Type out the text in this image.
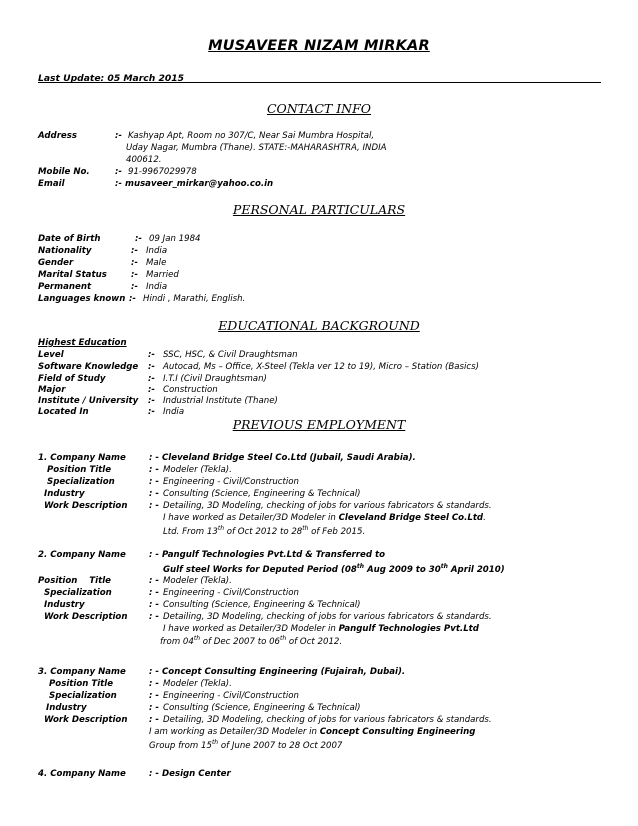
MUSAVEER NIZAM MIRKAR
Last Update: 05 March 2015
CONTACT INFO
Address	:- Kashyap Apt, Room no 307/C, Near Sai Mumbra Hospital,
Uday Nagar, Mumbra (Thane). STATE:-MAHARASHTRA, INDIA
400612.
Mobile No.	:- 91-9967029978
Email	:- musaveer_mirkar@yahoo.co.in
PERSONAL PARTICULARS
Date of Birth	:- 09 Jan 1984
Nationality	:- India
Gender	:- Male
Marital Status	:- Married
Permanent	:- India
Languages known :- Hindi , Marathi, English.
EDUCATIONAL BACKGROUND
Highest Education
Level	:- SSC, HSC, & Civil Draughtsman
Software Knowledge :- Autocad, Ms – Office, X-Steel (Tekla ver 12 to 19), Micro – Station (Basics)
Field of Study	:- I.T.I (Civil Draughtsman)
Major	:- Construction
Institute / University :- Industrial Institute (Thane)
Located In	:- India
PREVIOUS EMPLOYMENT
1. Company Name	: - Cleveland Bridge Steel Co.Ltd (Jubail, Saudi Arabia).
Position Title	: - Modeler (Tekla).
Specialization	: - Engineering - Civil/Construction
Industry	: - Consulting (Science, Engineering & Technical)
Work Description	: - Detailing, 3D Modeling, checking of jobs for various fabricators & standards.
I have worked as Detailer/3D Modeler in Cleveland Bridge Steel Co.Ltd.
Ltd. From 13th of Oct 2012 to 28th of Feb 2015.
2. Company Name	: - Pangulf Technologies Pvt.Ltd & Transferred to
Gulf steel Works for Deputed Period (08th Aug 2009 to 30th April 2010)
Position    Title	: - Modeler (Tekla).
Specialization	: - Engineering - Civil/Construction
Industry	: - Consulting (Science, Engineering & Technical)
Work Description	: - Detailing, 3D Modeling, checking of jobs for various fabricators & standards.
I have worked as Detailer/3D Modeler in Pangulf Technologies Pvt.Ltd
from 04th of Dec 2007 to 06th of Oct 2012.
3. Company Name	: - Concept Consulting Engineering (Fujairah, Dubai).
Position Title	: - Modeler (Tekla).
Specialization	: - Engineering - Civil/Construction
Industry	: - Consulting (Science, Engineering & Technical)
Work Description	: - Detailing, 3D Modeling, checking of jobs for various fabricators & standards.
I am working as Detailer/3D Modeler in Concept Consulting Engineering
Group from 15th of June 2007 to 28 Oct 2007
4. Company Name	: - Design Center
